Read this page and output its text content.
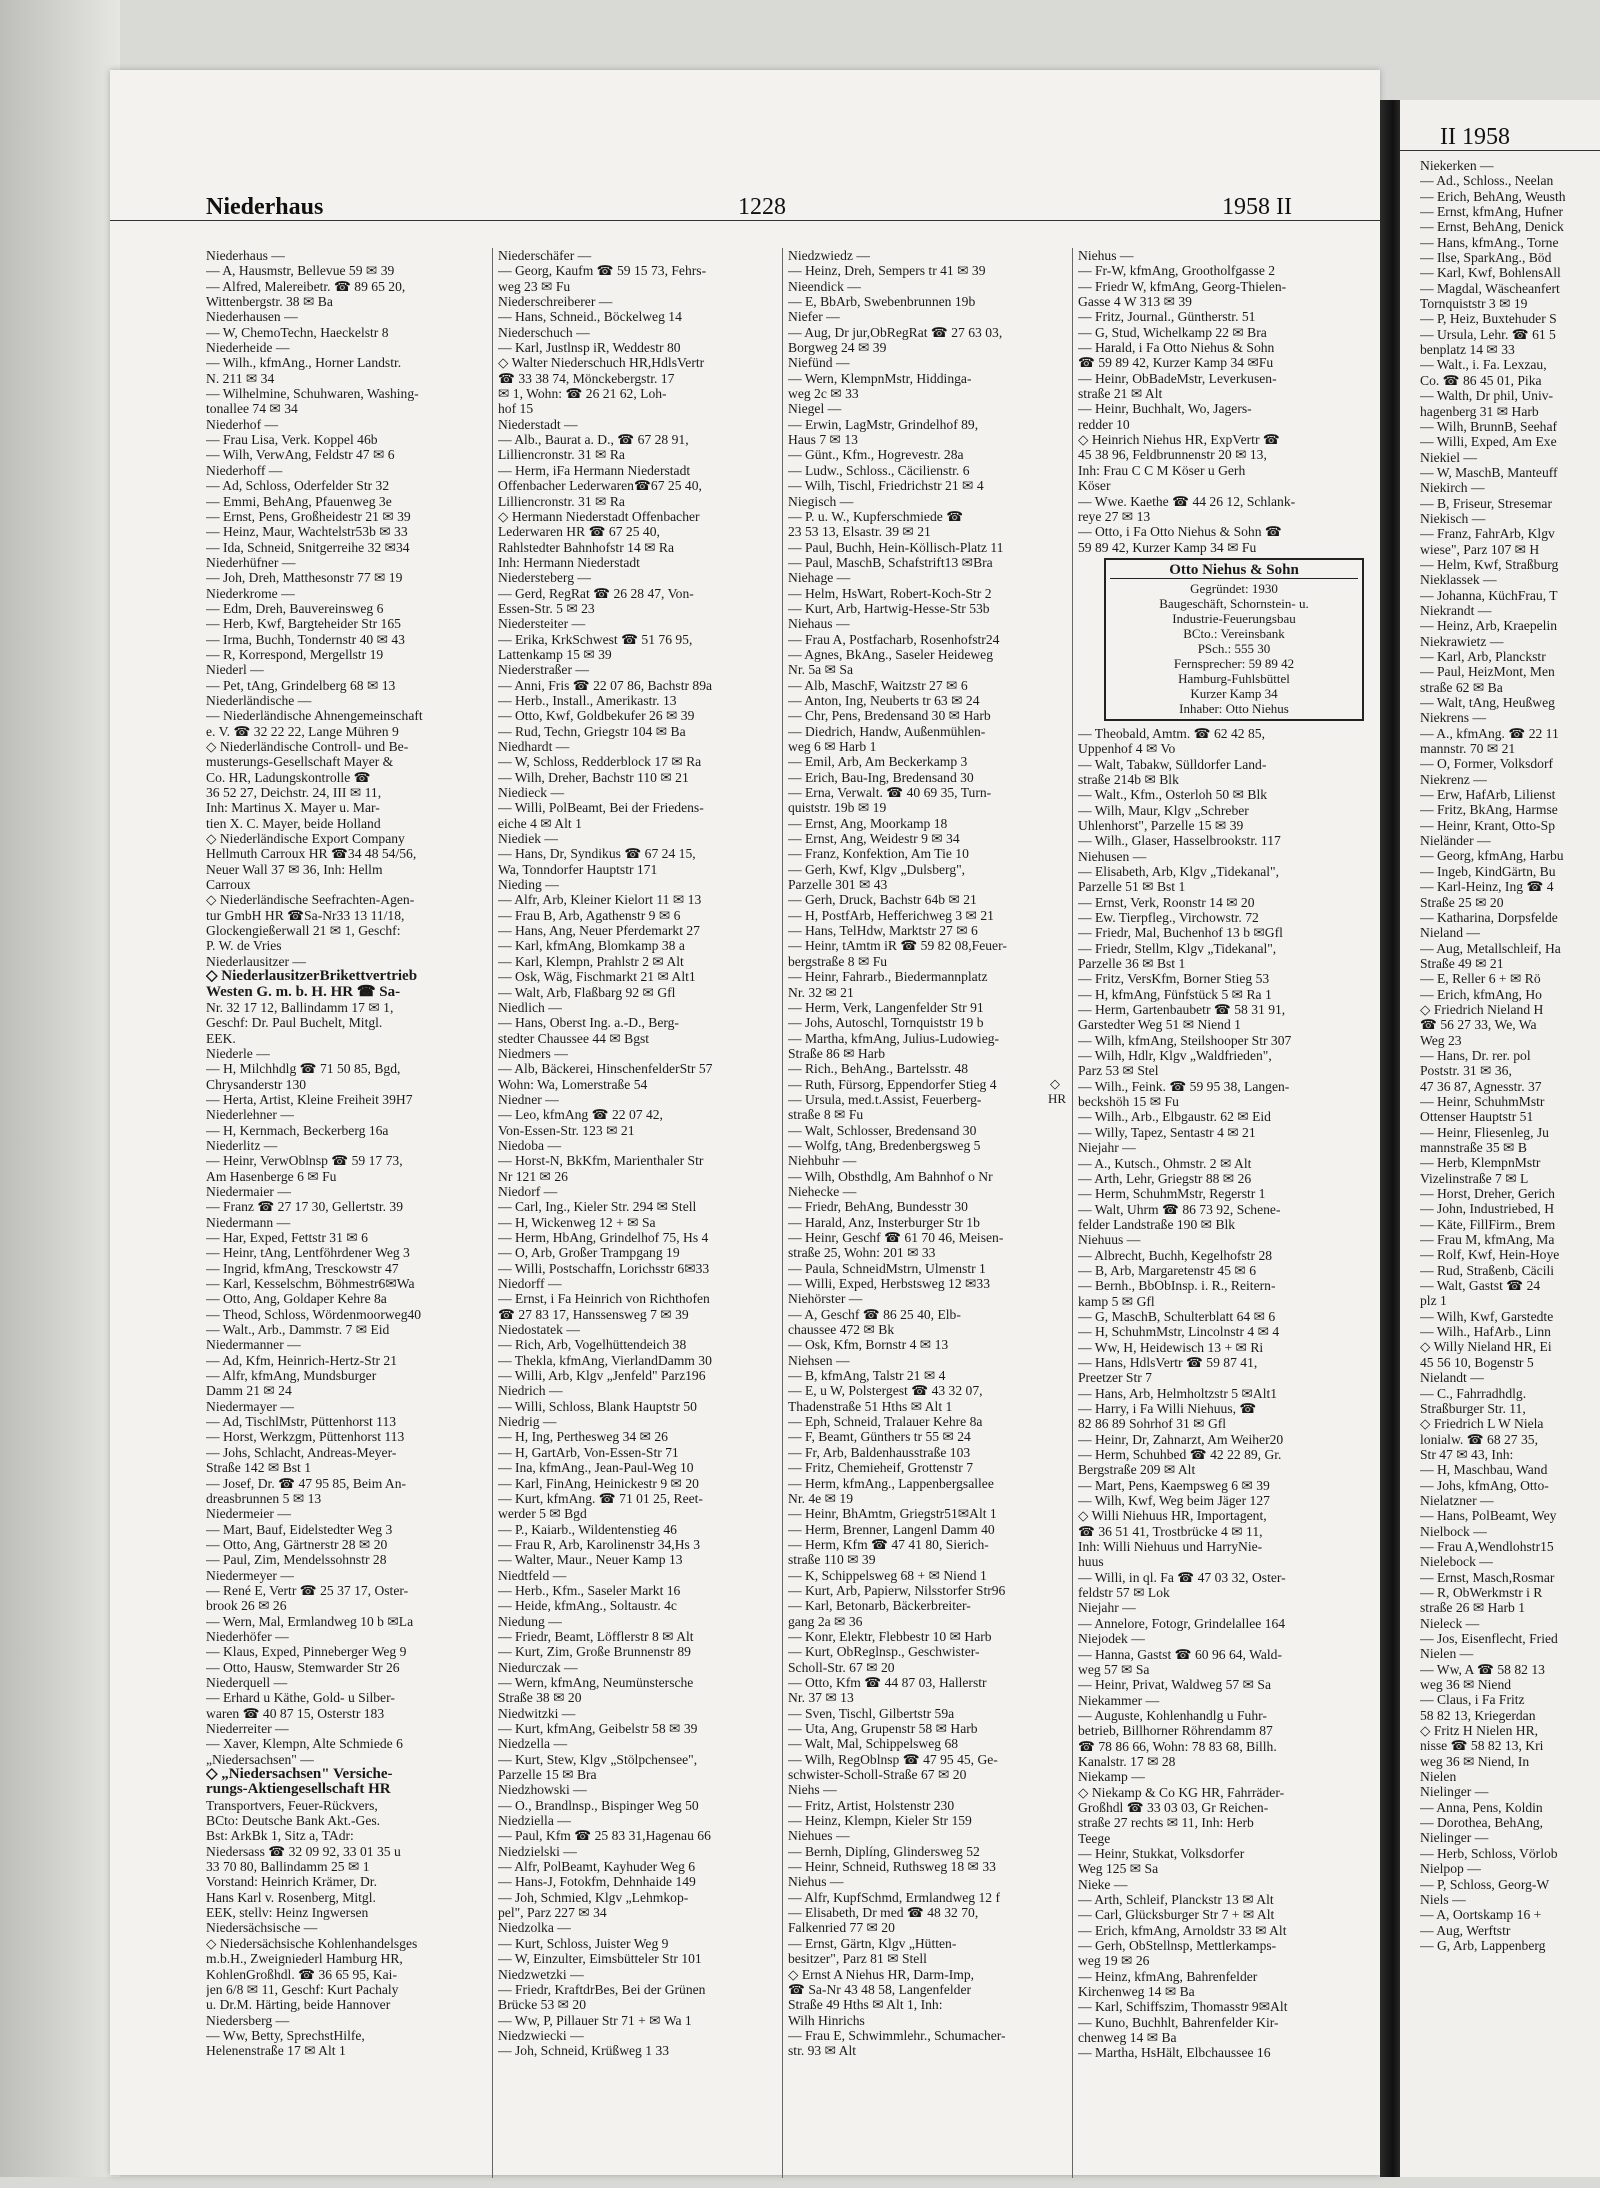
Niederhaus	1228	1958 II
Niederhaus —
— A, Hausmstr, Bellevue 59 ✉ 39
— Alfred, Malereibetr. ☎ 89 65 20,
Wittenbergstr. 38 ✉ Ba
Niederhausen —
— W, ChemoTechn, Haeckelstr 8
Niederheide —
— Wilh., kfmAng., Horner Landstr.
N. 211 ✉ 34
— Wilhelmine, Schuhwaren, Washing-
tonallee 74 ✉ 34
Niederhof —
— Frau Lisa, Verk. Koppel 46b
— Wilh, VerwAng, Feldstr 47 ✉ 6
Niederhoff —
— Ad, Schloss, Oderfelder Str 32
— Emmi, BehAng, Pfauenweg 3e
— Ernst, Pens, Großheidestr 21 ✉ 39
— Heinz, Maur, Wachtelstr53b ✉ 33
— Ida, Schneid, Snitgerreihe 32 ✉34
Niederhüfner —
— Joh, Dreh, Matthesonstr 77 ✉ 19
Niederkrome —
— Edm, Dreh, Bauvereinsweg 6
— Herb, Kwf, Bargteheider Str 165
— Irma, Buchh, Tondernstr 40 ✉ 43
— R, Korrespond, Mergellstr 19
Niederl —
— Pet, tAng, Grindelberg 68 ✉ 13
Niederländische —
— Niederländische Ahnengemeinschaft
e. V. ☎ 32 22 22, Lange Mühren 9
◇ Niederländische Controll- und Be-
musterungs-Gesellschaft Mayer &
Co. HR, Ladungskontrolle ☎
36 52 27, Deichstr. 24, III ✉ 11,
Inh: Martinus X. Mayer u. Mar-
tien X. C. Mayer, beide Holland
◇ Niederländische Export Company
Hellmuth Carroux HR ☎34 48 54/56,
Neuer Wall 37 ✉ 36, Inh: Hellm
Carroux
◇ Niederländische Seefrachten-Agen-
tur GmbH HR ☎Sa-Nr33 13 11/18,
Glockengießerwall 21 ✉ 1, Geschf:
P. W. de Vries
Niederlausitzer —
◇ NiederlausitzerBrikettvertrieb
Westen G. m. b. H. HR ☎ Sa-
Nr. 32 17 12, Ballindamm 17 ✉ 1,
Geschf: Dr. Paul Buchelt, Mitgl.
EEK.
Niederle —
— H, Milchhdlg ☎ 71 50 85, Bgd,
Chrysanderstr 130
— Herta, Artist, Kleine Freiheit 39H7
Niederlehner —
— H, Kernmach, Beckerberg 16a
Niederlitz —
— Heinr, VerwOblnsp ☎ 59 17 73,
Am Hasenberge 6 ✉ Fu
Niedermaier —
— Franz ☎ 27 17 30, Gellertstr. 39
Niedermann —
— Har, Exped, Fettstr 31 ✉ 6
— Heinr, tAng, Lentföhrdener Weg 3
— Ingrid, kfmAng, Tresckowstr 47
— Karl, Kesselschm, Böhmestr6✉Wa
— Otto, Ang, Goldaper Kehre 8a
— Theod, Schloss, Wördenmoorweg40
— Walt., Arb., Dammstr. 7 ✉ Eid
Niedermanner —
— Ad, Kfm, Heinrich-Hertz-Str 21
— Alfr, kfmAng, Mundsburger
Damm 21 ✉ 24
Niedermayer —
— Ad, TischlMstr, Püttenhorst 113
— Horst, Werkzgm, Püttenhorst 113
— Johs, Schlacht, Andreas-Meyer-
Straße 142 ✉ Bst 1
— Josef, Dr. ☎ 47 95 85, Beim An-
dreasbrunnen 5 ✉ 13
Niedermeier —
— Mart, Bauf, Eidelstedter Weg 3
— Otto, Ang, Gärtnerstr 28 ✉ 20
— Paul, Zim, Mendelssohnstr 28
Niedermeyer —
— René E, Vertr ☎ 25 37 17, Oster-
brook 26 ✉ 26
— Wern, Mal, Ermlandweg 10 b ✉La
Niederhöfer —
— Klaus, Exped, Pinneberger Weg 9
— Otto, Hausw, Stemwarder Str 26
Niederquell —
— Erhard u Käthe, Gold- u Silber-
waren ☎ 40 87 15, Osterstr 183
Niederreiter —
— Xaver, Klempn, Alte Schmiede 6
„Niedersachsen" —
◇ „Niedersachsen" Versiche-
rungs-Aktiengesellschaft HR
Transportvers, Feuer-Rückvers,
BCto: Deutsche Bank Akt.-Ges.
Bst: ArkBk 1, Sitz a, TAdr:
Niedersass ☎ 32 09 92, 33 01 35 u
33 70 80, Ballindamm 25 ✉ 1
Vorstand: Heinrich Krämer, Dr.
Hans Karl v. Rosenberg, Mitgl.
EEK, stellv: Heinz Ingwersen
Niedersächsische —
◇ Niedersächsische Kohlenhandelsges
m.b.H., Zweigniederl Hamburg HR,
KohlenGroßhdl. ☎ 36 65 95, Kai-
jen 6/8 ✉ 11, Geschf: Kurt Pachaly
u. Dr.M. Härting, beide Hannover
Niedersberg —
— Ww, Betty, SprechstHilfe,
Helenenstraße 17 ✉ Alt 1
Niederschäfer —
— Georg, Kaufm ☎ 59 15 73, Fehrs-
weg 23 ✉ Fu
Niederschreiberer —
— Hans, Schneid., Böckelweg 14
Niederschuch —
— Karl, Justlnsp iR, Weddestr 80
◇ Walter Niederschuch HR,HdlsVertr
☎ 33 38 74, Mönckebergstr. 17
✉ 1, Wohn: ☎ 26 21 62, Loh-
hof 15
Niederstadt —
— Alb., Baurat a. D., ☎ 67 28 91,
Lilliencronstr. 31 ✉ Ra
— Herm, iFa Hermann Niederstadt
Offenbacher Lederwaren☎67 25 40,
Lilliencronstr. 31 ✉ Ra
◇ Hermann Niederstadt Offenbacher
Lederwaren HR ☎ 67 25 40,
Rahlstedter Bahnhofstr 14 ✉ Ra
Inh: Hermann Niederstadt
Niedersteberg —
— Gerd, RegRat ☎ 26 28 47, Von-
Essen-Str. 5 ✉ 23
Niedersteiter —
— Erika, KrkSchwest ☎ 51 76 95,
Lattenkamp 15 ✉ 39
Niederstraßer —
— Anni, Fris ☎ 22 07 86, Bachstr 89a
— Herb., Install., Amerikastr. 13
— Otto, Kwf, Goldbekufer 26 ✉ 39
— Rud, Techn, Griegstr 104 ✉ Ba
Niedhardt —
— W, Schloss, Redderblock 17 ✉ Ra
— Wilh, Dreher, Bachstr 110 ✉ 21
Niedieck —
— Willi, PolBeamt, Bei der Friedens-
eiche 4 ✉ Alt 1
Niediek —
— Hans, Dr, Syndikus ☎ 67 24 15,
Wa, Tonndorfer Hauptstr 171
Nieding —
— Alfr, Arb, Kleiner Kielort 11 ✉ 13
— Frau B, Arb, Agathenstr 9 ✉ 6
— Hans, Ang, Neuer Pferdemarkt 27
— Karl, kfmAng, Blomkamp 38 a
— Karl, Klempn, Prahlstr 2 ✉ Alt
— Osk, Wäg, Fischmarkt 21 ✉ Alt1
— Walt, Arb, Flaßbarg 92 ✉ Gfl
Niedlich —
— Hans, Oberst Ing. a.-D., Berg-
stedter Chaussee 44 ✉ Bgst
Niedmers —
— Alb, Bäckerei, HinschenfelderStr 57
Wohn: Wa, Lomerstraße 54
Niedner —
— Leo, kfmAng ☎ 22 07 42,
Von-Essen-Str. 123 ✉ 21
Niedoba —
— Horst-N, BkKfm, Marienthaler Str
Nr 121 ✉ 26
Niedorf —
— Carl, Ing., Kieler Str. 294 ✉ Stell
— H, Wickenweg 12 + ✉ Sa
— Herm, HbAng, Grindelhof 75, Hs 4
— O, Arb, Großer Trampgang 19
— Willi, Postschaffn, Lorichsstr 6✉33
Niedorff —
— Ernst, i Fa Heinrich von Richthofen
☎ 27 83 17, Hanssensweg 7 ✉ 39
Niedostatek —
— Rich, Arb, Vogelhüttendeich 38
— Thekla, kfmAng, VierlandDamm 30
— Willi, Arb, Klgv „Jenfeld" Parz196
Niedrich —
— Willi, Schloss, Blank Hauptstr 50
Niedrig —
— H, Ing, Perthesweg 34 ✉ 26
— H, GartArb, Von-Essen-Str 71
— Ina, kfmAng., Jean-Paul-Weg 10
— Karl, FinAng, Heinickestr 9 ✉ 20
— Kurt, kfmAng. ☎ 71 01 25, Reet-
werder 5 ✉ Bgd
— P., Kaiarb., Wildentenstieg 46
— Frau R, Arb, Karolinenstr 34,Hs 3
— Walter, Maur., Neuer Kamp 13
Niedtfeld —
— Herb., Kfm., Saseler Markt 16
— Heide, kfmAng., Soltaustr. 4c
Niedung —
— Friedr, Beamt, Löfflerstr 8 ✉ Alt
— Kurt, Zim, Große Brunnenstr 89
Niedurczak —
— Wern, kfmAng, Neumünstersche
Straße 38 ✉ 20
Niedwitzki —
— Kurt, kfmAng, Geibelstr 58 ✉ 39
Niedzella —
— Kurt, Stew, Klgv „Stölpchensee",
Parzelle 15 ✉ Bra
Niedzhowski —
— O., Brandlnsp., Bispinger Weg 50
Niedziella —
— Paul, Kfm ☎ 25 83 31,Hagenau 66
Niedzielski —
— Alfr, PolBeamt, Kayhuder Weg 6
— Hans-J, Fotokfm, Dehnhaide 149
— Joh, Schmied, Klgv „Lehmkop-
pel", Parz 227 ✉ 34
Niedzolka —
— Kurt, Schloss, Juister Weg 9
— W, Einzulter, Eimsbütteler Str 101
Niedzwetzki —
— Friedr, KraftdrBes, Bei der Grünen
Brücke 53 ✉ 20
— Ww, P, Pillauer Str 71 + ✉ Wa 1
Niedzwiecki —
— Joh, Schneid, Krüßweg 1 33
Niedzwiedz —
— Heinz, Dreh, Sempers tr 41 ✉ 39
Nieendick —
— E, BbArb, Swebenbrunnen 19b
Niefer —
— Aug, Dr jur,ObRegRat ☎ 27 63 03,
Borgweg 24 ✉ 39
Niefünd —
— Wern, KlempnMstr, Hiddinga-
weg 2c ✉ 33
Niegel —
— Erwin, LagMstr, Grindelhof 89,
Haus 7 ✉ 13
— Günt., Kfm., Hogrevestr. 28a
— Ludw., Schloss., Cäcilienstr. 6
— Wilh, Tischl, Friedrichstr 21 ✉ 4
Niegisch —
— P. u. W., Kupferschmiede ☎
23 53 13, Elsastr. 39 ✉ 21
— Paul, Buchh, Hein-Köllisch-Platz 11
— Paul, MaschB, Schafstrift13 ✉Bra
Niehage —
— Helm, HsWart, Robert-Koch-Str 2
— Kurt, Arb, Hartwig-Hesse-Str 53b
Niehaus —
— Frau A, Postfacharb, Rosenhofstr24
— Agnes, BkAng., Saseler Heideweg
Nr. 5a ✉ Sa
— Alb, MaschF, Waitzstr 27 ✉ 6
— Anton, Ing, Neuberts tr 63 ✉ 24
— Chr, Pens, Bredensand 30 ✉ Harb
— Diedrich, Handw, Außenmühlen-
weg 6 ✉ Harb 1
— Emil, Arb, Am Beckerkamp 3
— Erich, Bau-Ing, Bredensand 30
— Erna, Verwalt. ☎ 40 69 35, Turn-
quiststr. 19b ✉ 19
— Ernst, Ang, Moorkamp 18
— Ernst, Ang, Weidestr 9 ✉ 34
— Franz, Konfektion, Am Tie 10
— Gerh, Kwf, Klgv „Dulsberg",
Parzelle 301 ✉ 43
— Gerh, Druck, Bachstr 64b ✉ 21
— H, PostfArb, Hefferichweg 3 ✉ 21
— Hans, TelHdw, Marktstr 27 ✉ 6
— Heinr, tAmtm iR ☎ 59 82 08,Feuer-
bergstraße 8 ✉ Fu
— Heinr, Fahrarb., Biedermannplatz
Nr. 32 ✉ 21
— Herm, Verk, Langenfelder Str 91
— Johs, Autoschl, Tornquiststr 19 b
— Martha, kfmAng, Julius-Ludowieg-
Straße 86 ✉ Harb
— Rich., BehAng., Bartelsstr. 48
— Ruth, Fürsorg, Eppendorfer Stieg 4
— Ursula, med.t.Assist, Feuerberg-
straße 8 ✉ Fu
— Walt, Schlosser, Bredensand 30
— Wolfg, tAng, Bredenbergsweg 5
Niehbuhr —
— Wilh, Obsthdlg, Am Bahnhof o Nr
Niehecke —
— Friedr, BehAng, Bundesstr 30
— Harald, Anz, Insterburger Str 1b
— Heinr, Geschf ☎ 61 70 46, Meisen-
straße 25, Wohn: 201 ✉ 33
— Paula, SchneidMstrn, Ulmenstr 1
— Willi, Exped, Herbstsweg 12 ✉33
Niehörster —
— A, Geschf ☎ 86 25 40, Elb-
chaussee 472 ✉ Bk
— Osk, Kfm, Bornstr 4 ✉ 13
Niehsen —
— B, kfmAng, Talstr 21 ✉ 4
— E, u W, Polstergest ☎ 43 32 07,
Thadenstraße 51 Hths ✉ Alt 1
— Eph, Schneid, Tralauer Kehre 8a
— F, Beamt, Günthers tr 55 ✉ 24
— Fr, Arb, Baldenhausstraße 103
— Fritz, Chemieheif, Grottenstr 7
— Herm, kfmAng., Lappenbergsallee
Nr. 4e ✉ 19
— Heinr, BhAmtm, Griegstr51✉Alt 1
— Herm, Brenner, Langenl Damm 40
— Herm, Kfm ☎ 47 41 80, Sierich-
straße 110 ✉ 39
— K, Schippelsweg 68 + ✉ Niend 1
— Kurt, Arb, Papierw, Nilsstorfer Str96
— Karl, Betonarb, Bäckerbreiter-
gang 2a ✉ 36
— Konr, Elektr, Flebbestr 10 ✉ Harb
— Kurt, ObReglnsp., Geschwister-
Scholl-Str. 67 ✉ 20
— Otto, Kfm ☎ 44 87 03, Hallerstr
Nr. 37 ✉ 13
— Sven, Tischl, Gilbertstr 59a
— Uta, Ang, Grupenstr 58 ✉ Harb
— Walt, Mal, Schippelsweg 68
— Wilh, RegOblnsp ☎ 47 95 45, Ge-
schwister-Scholl-Straße 67 ✉ 20
Niehs —
— Fritz, Artist, Holstenstr 230
— Heinz, Klempn, Kieler Str 159
Niehues —
— Bernh, Diplíng, Glindersweg 52
— Heinr, Schneid, Ruthsweg 18 ✉ 33
Niehus —
— Alfr, KupfSchmd, Ermlandweg 12 f
— Elisabeth, Dr med ☎ 48 32 70,
Falkenried 77 ✉ 20
— Ernst, Gärtn, Klgv „Hütten-
besitzer", Parz 81 ✉ Stell
◇ Ernst A Niehus HR, Darm-Imp,
☎ Sa-Nr 43 48 58, Langenfelder
Straße 49 Hths ✉ Alt 1, Inh:
Wilh Hinrichs
— Frau E, Schwimmlehr., Schumacher-
str. 93 ✉ Alt
Niehus —
— Fr-W, kfmAng, Grootholfgasse 2
— Friedr W, kfmAng, Georg-Thielen-
Gasse 4 W 313 ✉ 39
— Fritz, Journal., Güntherstr. 51
— G, Stud, Wichelkamp 22 ✉ Bra
— Harald, i Fa Otto Niehus & Sohn
☎ 59 89 42, Kurzer Kamp 34 ✉Fu
— Heinr, ObBadeMstr, Leverkusen-
straße 21 ✉ Alt
— Heinr, Buchhalt, Wo, Jagers-
redder 10
◇ Heinrich Niehus HR, ExpVertr ☎
45 38 96, Feldbrunnenstr 20 ✉ 13,
Inh: Frau C C M Köser u Gerh
Köser
— Wwe. Kaethe ☎ 44 26 12, Schlank-
reye 27 ✉ 13
— Otto, i Fa Otto Niehus & Sohn ☎
59 89 42, Kurzer Kamp 34 ✉ Fu
Otto Niehus & Sohn
Gegründet: 1930
Baugeschäft, Schornstein- u.
Industrie-Feuerungsbau
BCto.: Vereinsbank
PSch.: 555 30
Fernsprecher: 59 89 42
Hamburg-Fuhlsbüttel
Kurzer Kamp 34
Inhaber: Otto Niehus
— Theobald, Amtm. ☎ 62 42 85,
Uppenhof 4 ✉ Vo
— Walt, Tabakw, Sülldorfer Land-
straße 214b ✉ Blk
— Walt., Kfm., Osterloh 50 ✉ Blk
— Wilh, Maur, Klgv „Schreber
Uhlenhorst", Parzelle 15 ✉ 39
— Wilh., Glaser, Hasselbrookstr. 117
Niehusen —
— Elisabeth, Arb, Klgv „Tidekanal",
Parzelle 51 ✉ Bst 1
— Ernst, Verk, Roonstr 14 ✉ 20
— Ew. Tierpfleg., Virchowstr. 72
— Friedr, Mal, Buchenhof 13 b ✉Gfl
— Friedr, Stellm, Klgv „Tidekanal",
Parzelle 36 ✉ Bst 1
— Fritz, VersKfm, Borner Stieg 53
— H, kfmAng, Fünfstück 5 ✉ Ra 1
— Herm, Gartenbaubetr ☎ 58 31 91,
Garstedter Weg 51 ✉ Niend 1
— Wilh, kfmAng, Steilshooper Str 307
— Wilh, Hdlr, Klgv „Waldfrieden",
Parz 53 ✉ Stel
— Wilh., Feink. ☎ 59 95 38, Langen-
beckshöh 15 ✉ Fu
— Wilh., Arb., Elbgaustr. 62 ✉ Eid
— Willy, Tapez, Sentastr 4 ✉ 21
Niejahr —
— A., Kutsch., Ohmstr. 2 ✉ Alt
— Arth, Lehr, Griegstr 88 ✉ 26
— Herm, SchuhmMstr, Regerstr 1
— Walt, Uhrm ☎ 86 73 92, Schene-
felder Landstraße 190 ✉ Blk
Niehuus —
— Albrecht, Buchh, Kegelhofstr 28
— B, Arb, Margaretenstr 45 ✉ 6
— Bernh., BbObInsp. i. R., Reitern-
kamp 5 ✉ Gfl
— G, MaschB, Schulterblatt 64 ✉ 6
— H, SchuhmMstr, Lincolnstr 4 ✉ 4
— Ww, H, Heidewisch 13 + ✉ Ri
— Hans, HdlsVertr ☎ 59 87 41,
Preetzer Str 7
— Hans, Arb, Helmholtzstr 5 ✉Alt1
— Harry, i Fa Willi Niehuus, ☎
82 86 89 Sohrhof 31 ✉ Gfl
— Heinr, Dr, Zahnarzt, Am Weiher20
— Herm, Schuhbed ☎ 42 22 89, Gr.
Bergstraße 209 ✉ Alt
— Mart, Pens, Kaempsweg 6 ✉ 39
— Wilh, Kwf, Weg beim Jäger 127
◇ Willi Niehuus HR, Importagent,
☎ 36 51 41, Trostbrücke 4 ✉ 11,
Inh: Willi Niehuus und HarryNie-
huus
— Willi, in ql. Fa ☎ 47 03 32, Oster-
feldstr 57 ✉ Lok
Niejahr —
— Annelore, Fotogr, Grindelallee 164
Niejodek —
— Hanna, Gastst ☎ 60 96 64, Wald-
weg 57 ✉ Sa
— Heinr, Privat, Waldweg 57 ✉ Sa
Niekammer —
— Auguste, Kohlenhandlg u Fuhr-
betrieb, Billhorner Röhrendamm 87
☎ 78 86 66, Wohn: 78 83 68, Billh.
Kanalstr. 17 ✉ 28
Niekamp —
◇ Niekamp & Co KG HR, Fahrräder-
Großhdl ☎ 33 03 03, Gr Reichen-
straße 27 rechts ✉ 11, Inh: Herb
Teege
— Heinr, Stukkat, Volksdorfer
Weg 125 ✉ Sa
Nieke —
— Arth, Schleif, Planckstr 13 ✉ Alt
— Carl, Glücksburger Str 7 + ✉ Alt
— Erich, kfmAng, Arnoldstr 33 ✉ Alt
— Gerh, ObStellnsp, Mettlerkamps-
weg 19 ✉ 26
— Heinz, kfmAng, Bahrenfelder
Kirchenweg 14 ✉ Ba
— Karl, Schiffszim, Thomasstr 9✉Alt
— Kuno, Buchhlt, Bahrenfelder Kir-
chenweg 14 ✉ Ba
— Martha, HsHält, Elbchaussee 16
◇
HR
II 1958
Niekerken —
— Ad., Schloss., Neelan
— Erich, BehAng, Weusth
— Ernst, kfmAng, Hufner
— Ernst, BehAng, Denick
— Hans, kfmAng., Torne
— Ilse, SparkAng., Böd
— Karl, Kwf, BohlensAll
— Magdal, Wäscheanfert
Tornquiststr 3 ✉ 19
— P, Heiz, Buxtehuder S
— Ursula, Lehr. ☎ 61 5
benplatz 14 ✉ 33
— Walt., i. Fa. Lexzau,
Co. ☎ 86 45 01, Pika
— Walth, Dr phil, Univ-
hagenberg 31 ✉ Harb
— Wilh, BrunnB, Seehaf
— Willi, Exped, Am Exe
Niekiel —
— W, MaschB, Manteuff
Niekirch —
— B, Friseur, Stresemar
Niekisch —
— Franz, FahrArb, Klgv
wiese", Parz 107 ✉ H
— Helm, Kwf, Straßburg
Nieklassek —
— Johanna, KüchFrau, T
Niekrandt —
— Heinz, Arb, Kraepelin
Niekrawietz —
— Karl, Arb, Planckstr
— Paul, HeizMont, Men
straße 62 ✉ Ba
— Walt, tAng, Heußweg
Niekrens —
— A., kfmAng. ☎ 22 11
mannstr. 70 ✉ 21
— O, Former, Volksdorf
Niekrenz —
— Erw, HafArb, Lilienst
— Fritz, BkAng, Harmse
— Heinr, Krant, Otto-Sp
Nieländer —
— Georg, kfmAng, Harbu
— Ingeb, KindGärtn, Bu
— Karl-Heinz, Ing ☎ 4
Straße 25 ✉ 20
— Katharina, Dorpsfelde
Nieland —
— Aug, Metallschleif, Ha
Straße 49 ✉ 21
— E, Reller 6 + ✉ Rö
— Erich, kfmAng, Ho
◇ Friedrich Nieland H
☎ 56 27 33, We, Wa
Weg 23
— Hans, Dr. rer. pol
Poststr. 31 ✉ 36,
47 36 87, Agnesstr. 37
— Heinr, SchuhmMstr
Ottenser Hauptstr 51
— Heinr, Fliesenleg, Ju
mannstraße 35 ✉ B
— Herb, KlempnMstr
Vizelinstraße 7 ✉ L
— Horst, Dreher, Gerich
— John, Industriebed, H
— Käte, FillFirm., Brem
— Frau M, kfmAng, Ma
— Rolf, Kwf, Hein-Hoye
— Rud, Straßenb, Cäcili
— Walt, Gastst ☎ 24
plz 1
— Wilh, Kwf, Garstedte
— Wilh., HafArb., Linn
◇ Willy Nieland HR, Ei
45 56 10, Bogenstr 5
Nielandt —
— C., Fahrradhdlg.
Straßburger Str. 11,
◇ Friedrich L W Niela
lonialw. ☎ 68 27 35,
Str 47 ✉ 43, Inh:
— H, Maschbau, Wand
— Johs, kfmAng, Otto-
Nielatzner —
— Hans, PolBeamt, Wey
Nielbock —
— Frau A,Wendlohstr15
Nielebock —
— Ernst, Masch,Rosmar
— R, ObWerkmstr i R
straße 26 ✉ Harb 1
Nieleck —
— Jos, Eisenflecht, Fried
Nielen —
— Ww, A ☎ 58 82 13
weg 36 ✉ Niend
— Claus, i Fa Fritz
58 82 13, Kriegerdan
◇ Fritz H Nielen HR,
nisse ☎ 58 82 13, Kri
weg 36 ✉ Niend, In
Nielen
Nielinger —
— Anna, Pens, Koldin
— Dorothea, BehAng,
Nielinger —
— Herb, Schloss, Vörlob
Nielpop —
— P, Schloss, Georg-W
Niels —
— A, Oortskamp 16 +
— Aug, Werftstr
— G, Arb, Lappenberg
